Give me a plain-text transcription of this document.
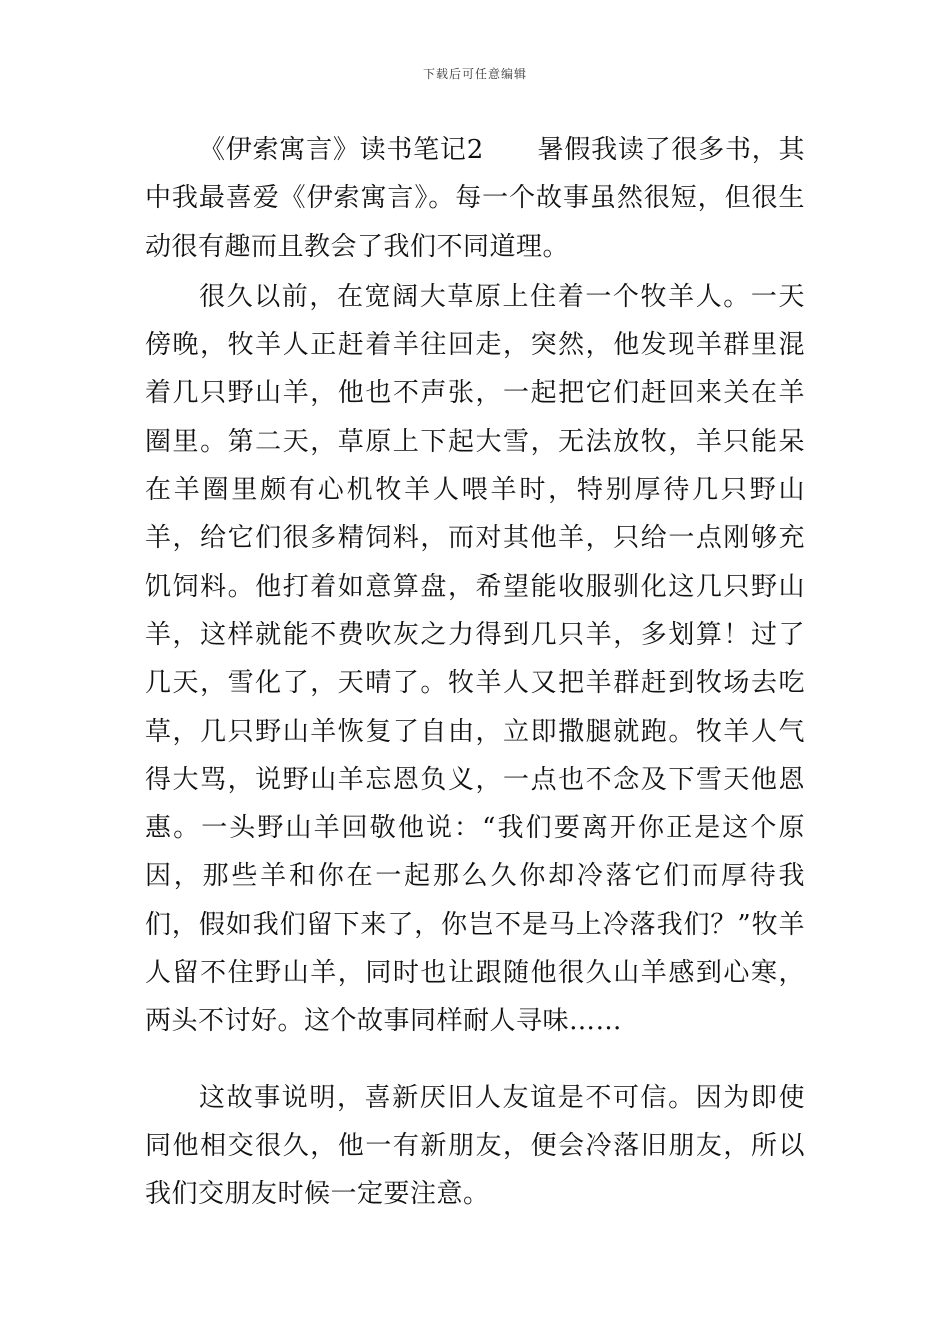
下载后可任意编辑

《伊索寓言》读书笔记2　　暑假我读了很多书，其中我最喜爱《伊索寓言》。每一个故事虽然很短，但很生动很有趣而且教会了我们不同道理。

很久以前，在宽阔大草原上住着一个牧羊人。一天傍晚，牧羊人正赶着羊往回走，突然，他发现羊群里混着几只野山羊，他也不声张，一起把它们赶回来关在羊圈里。第二天，草原上下起大雪，无法放牧，羊只能呆在羊圈里颇有心机牧羊人喂羊时，特别厚待几只野山羊，给它们很多精饲料，而对其他羊，只给一点刚够充饥饲料。他打着如意算盘，希望能收服驯化这几只野山羊，这样就能不费吹灰之力得到几只羊，多划算！过了几天，雪化了，天晴了。牧羊人又把羊群赶到牧场去吃草，几只野山羊恢复了自由，立即撒腿就跑。牧羊人气得大骂，说野山羊忘恩负义，一点也不念及下雪天他恩惠。一头野山羊回敬他说：“我们要离开你正是这个原因，那些羊和你在一起那么久你却冷落它们而厚待我们，假如我们留下来了，你岂不是马上冷落我们？”牧羊人留不住野山羊，同时也让跟随他很久山羊感到心寒，两头不讨好。这个故事同样耐人寻味……

这故事说明，喜新厌旧人友谊是不可信。因为即使同他相交很久，他一有新朋友，便会冷落旧朋友，所以我们交朋友时候一定要注意。
